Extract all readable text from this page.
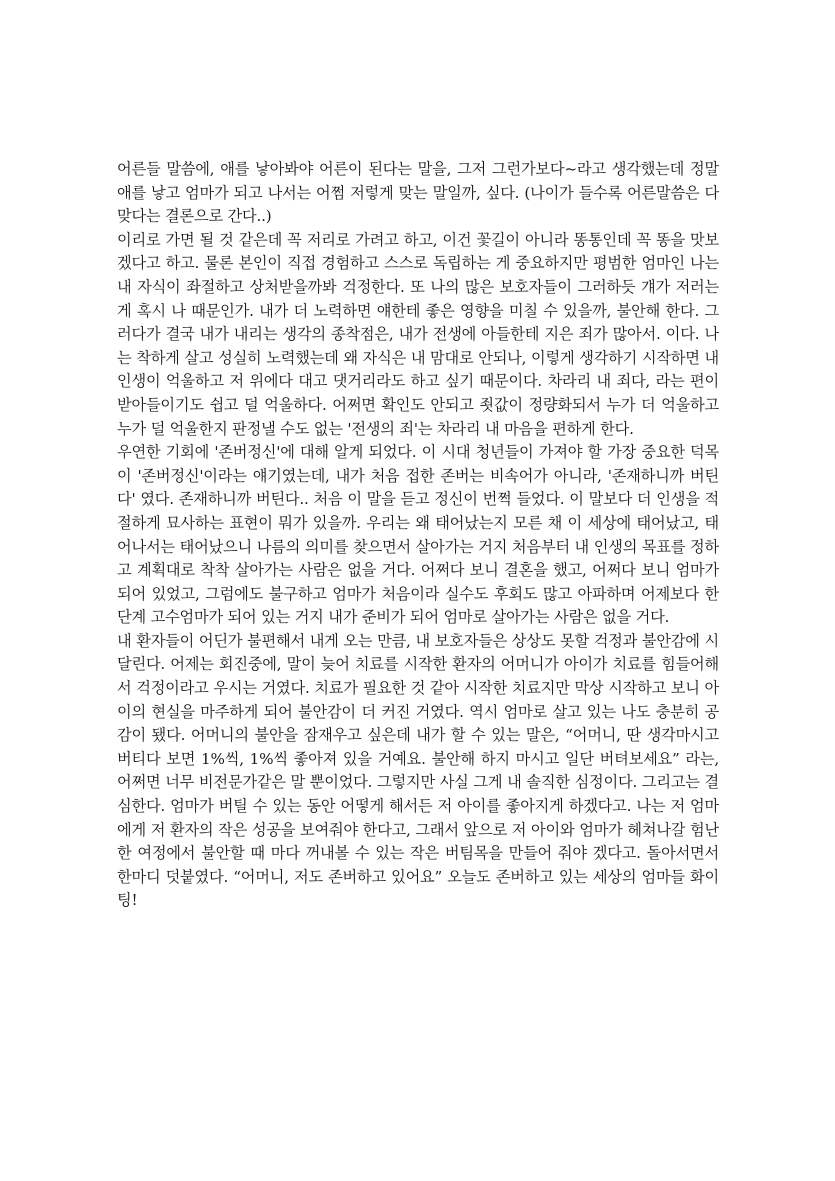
어른들 말씀에, 애를 낳아봐야 어른이 된다는 말을, 그저 그런가보다~라고 생각했는데 정말 애를 낳고 엄마가 되고 나서는 어쩜 저렇게 맞는 말일까, 싶다. (나이가 들수록 어른말씀은 다 맞다는 결론으로 간다..)

이리로 가면 될 것 같은데 꼭 저리로 가려고 하고, 이건 꽃길이 아니라 똥통인데 꼭 똥을 맛보겠다고 하고. 물론 본인이 직접 경험하고 스스로 독립하는 게 중요하지만 평범한 엄마인 나는 내 자식이 좌절하고 상처받을까봐 걱정한다. 또 나의 많은 보호자들이 그러하듯 걔가 저러는 게 혹시 나 때문인가. 내가 더 노력하면 얘한테 좋은 영향을 미칠 수 있을까, 불안해 한다. 그러다가 결국 내가 내리는 생각의 종착점은, 내가 전생에 아들한테 지은 죄가 많아서. 이다. 나는 착하게 살고 성실히 노력했는데 왜 자식은 내 맘대로 안되나, 이렇게 생각하기 시작하면 내 인생이 억울하고 저 위에다 대고 댓거리라도 하고 싶기 때문이다. 차라리 내 죄다, 라는 편이 받아들이기도 쉽고 덜 억울하다. 어쩌면 확인도 안되고 죗값이 정량화되서 누가 더 억울하고 누가 덜 억울한지 판정낼 수도 없는 '전생의 죄'는 차라리 내 마음을 편하게 한다.

우연한 기회에 '존버정신'에 대해 알게 되었다. 이 시대 청년들이 가져야 할 가장 중요한 덕목이 '존버정신'이라는 얘기였는데, 내가 처음 접한 존버는 비속어가 아니라, '존재하니까 버틴다' 였다. 존재하니까 버틴다.. 처음 이 말을 듣고 정신이 번쩍 들었다. 이 말보다 더 인생을 적절하게 묘사하는 표현이 뭐가 있을까. 우리는 왜 태어났는지 모른 채 이 세상에 태어났고, 태어나서는 태어났으니 나름의 의미를 찾으면서 살아가는 거지 처음부터 내 인생의 목표를 정하고 계획대로 착착 살아가는 사람은 없을 거다. 어쩌다 보니 결혼을 했고, 어쩌다 보니 엄마가 되어 있었고, 그럼에도 불구하고 엄마가 처음이라 실수도 후회도 많고 아파하며 어제보다 한단계 고수엄마가 되어 있는 거지 내가 준비가 되어 엄마로 살아가는 사람은 없을 거다.

내 환자들이 어딘가 불편해서 내게 오는 만큼, 내 보호자들은 상상도 못할 걱정과 불안감에 시달린다. 어제는 회진중에, 말이 늦어 치료를 시작한 환자의 어머니가 아이가 치료를 힘들어해서 걱정이라고 우시는 거였다. 치료가 필요한 것 같아 시작한 치료지만 막상 시작하고 보니 아이의 현실을 마주하게 되어 불안감이 더 커진 거였다. 역시 엄마로 살고 있는 나도 충분히 공감이 됐다. 어머니의 불안을 잠재우고 싶은데 내가 할 수 있는 말은, “어머니, 딴 생각마시고 버티다 보면 1%씩, 1%씩 좋아져 있을 거예요. 불안해 하지 마시고 일단 버텨보세요” 라는, 어쩌면 너무 비전문가같은 말 뿐이었다. 그렇지만 사실 그게 내 솔직한 심정이다. 그리고는 결심한다. 엄마가 버틸 수 있는 동안 어떻게 해서든 저 아이를 좋아지게 하겠다고. 나는 저 엄마에게 저 환자의 작은 성공을 보여줘야 한다고, 그래서 앞으로 저 아이와 엄마가 헤쳐나갈 험난한 여정에서 불안할 때 마다 꺼내볼 수 있는 작은 버팀목을 만들어 줘야 겠다고. 돌아서면서 한마디 덧붙였다. “어머니, 저도 존버하고 있어요” 오늘도 존버하고 있는 세상의 엄마들 화이팅!
